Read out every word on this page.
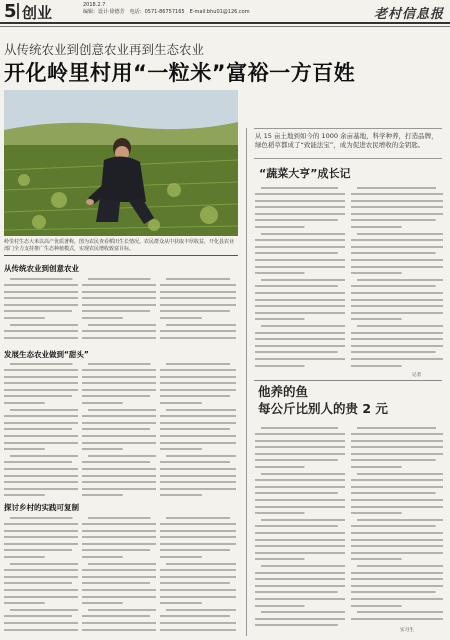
5 创业	2018.2.7
编辑：设计·徐德芳　电话：0571-86757165　E-mail:bhu01@126.com	老村信息报
从传统农业到创意农业再到生态农业
开化岭里村用“一粒米”富裕一方百姓
岭里村生态大米以高产优质著称，图为农民查看稻田生长情况。农民群众从中获取丰厚收益，开化县农业部门全力支持推广生态种植模式，实现农民增收致富目标。
从传统农业到创意农业
发展生态农业做到“甜头”
探讨乡村的实践可复制
从 15 亩土地到如今的 1000 余亩基地，科学种养，打造品牌，绿色稻草都成了“致能法宝”，成为促进农民增收的金钥匙。
“蔬菜大亨”成长记
记者
他养的鱼
每公斤比别人的贵 2 元
实习生
